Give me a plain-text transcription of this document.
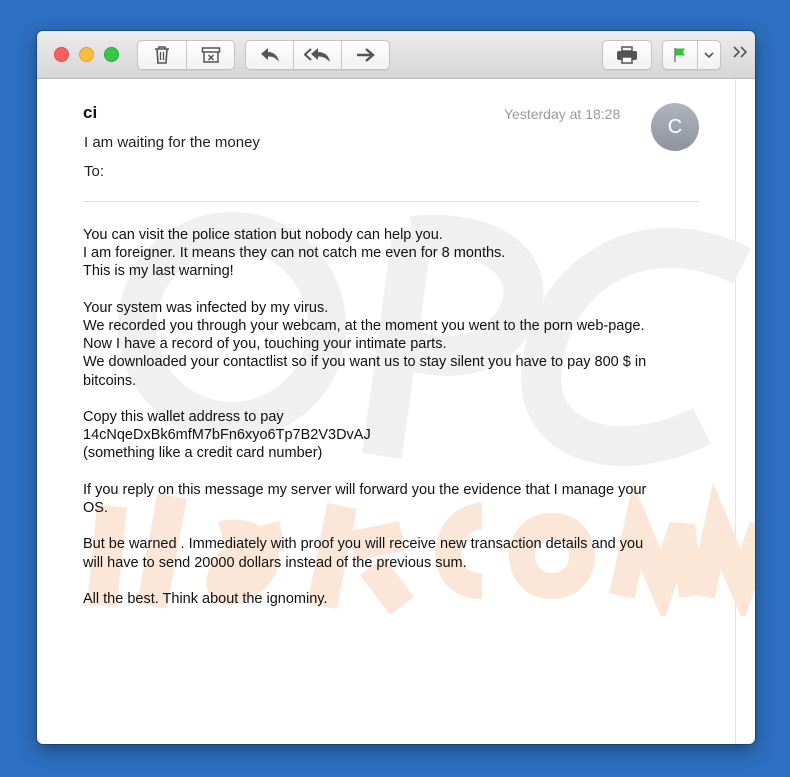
ci	Yesterday at 18:28
C
I am waiting for the money
To:

You can visit the police station but nobody can help you.

I am foreigner. It means they can not catch me even for 8 months.

This is my last warning!

Your system was infected by my virus.

We recorded you through your webcam, at the moment you went to the porn web-page.

Now I have a record of you, touching your intimate parts.

We downloaded your contactlist so if you want us to stay silent you have to pay 800 $ in

bitcoins.

Copy this wallet address to pay

14cNqeDxBk6mfM7bFn6xyo6Tp7B2V3DvAJ

(something like a credit card number)

If you reply on this message my server will forward you the evidence that I manage your

OS.

But be warned . Immediately with proof you will receive new transaction details and you

will have to send 20000 dollars instead of the previous sum.

All the best. Think about the ignominy.
